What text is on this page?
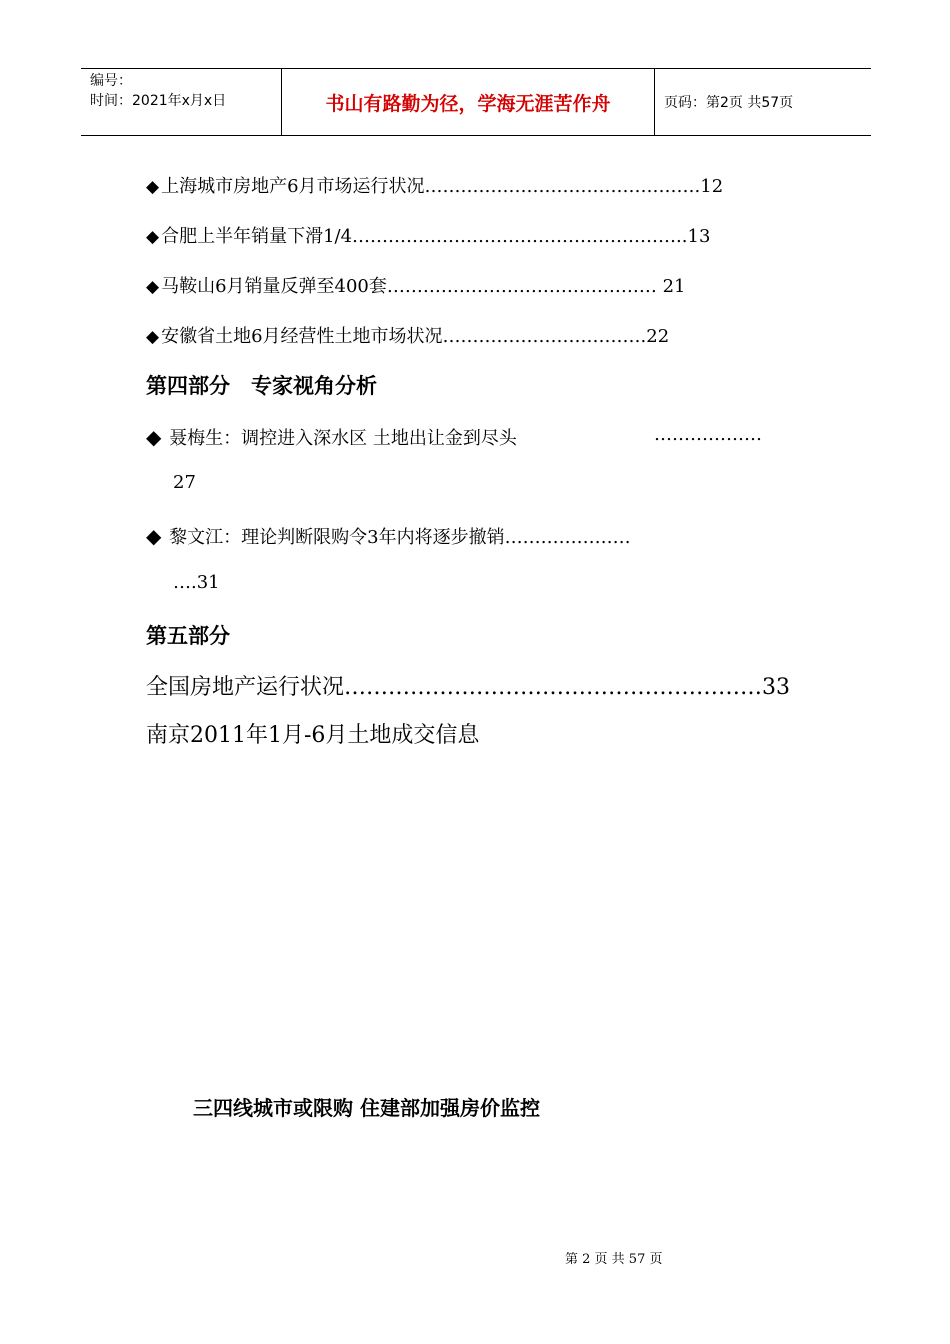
编号：
时间：2021年x月x日	书山有路勤为径，学海无涯苦作舟	页码：第2页 共57页
◆ 上海城市房地产6月市场运行状况……………………………………….12
◆ 合肥上半年销量下滑1/4………………………………………………..13
◆ 马鞍山6月销量反弹至400套……………………………………… 21
◆ 安徽省土地6月经营性土地市场状况…………………………….22
第四部分　专家视角分析
◆ 聂梅生：调控进入深水区 土地出让金到尽头	………………
27
◆ 黎文江：理论判断限购令3年内将逐步撤销…………………
….31
第五部分
全国房地产运行状况…………………………………………………33
南京2011年1月-6月土地成交信息
三四线城市或限购 住建部加强房价监控
第 2 页 共 57 页
